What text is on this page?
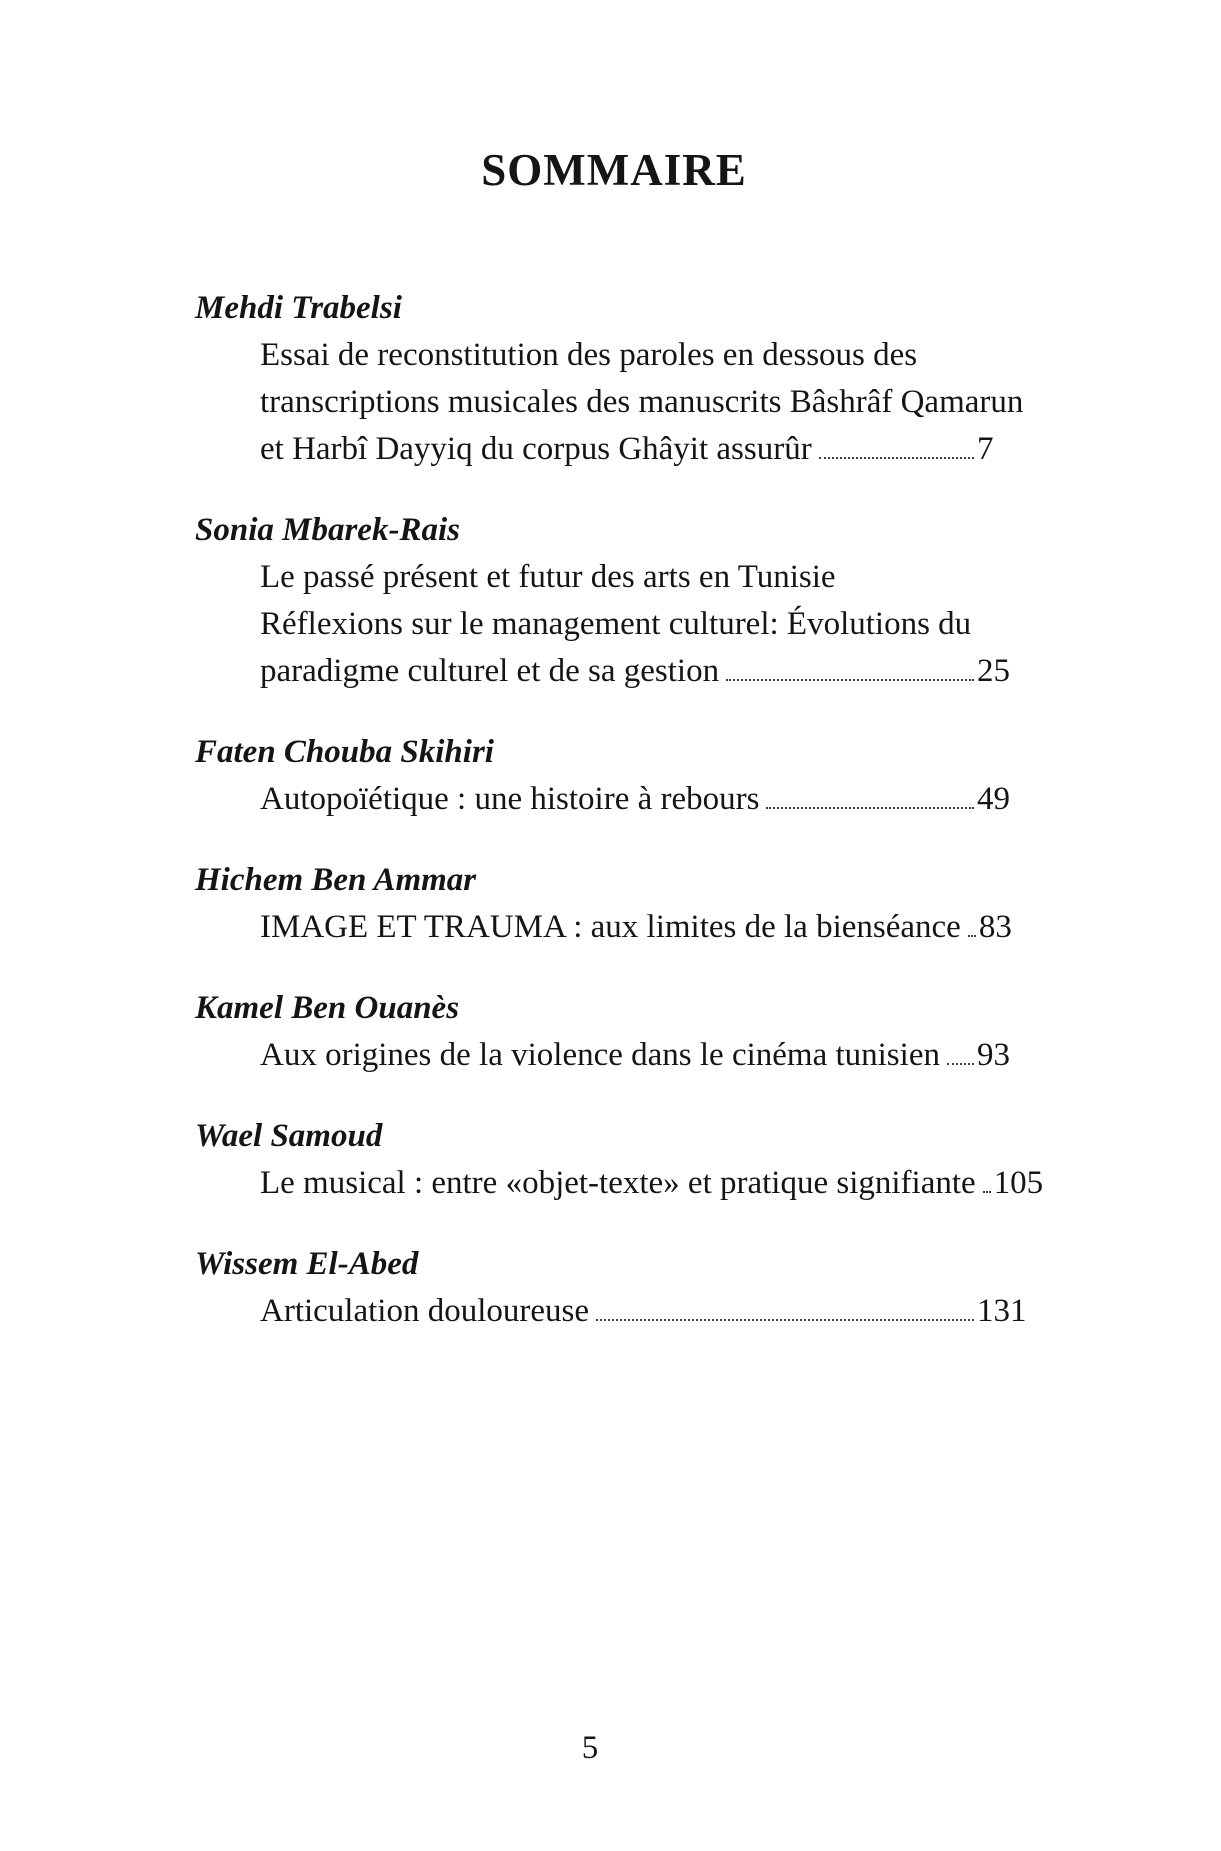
SOMMAIRE
Mehdi Trabelsi
Essai de reconstitution des paroles en dessous des
transcriptions musicales des manuscrits Bâshrâf Qamarun
et Harbî Dayyiq du corpus Ghâyit assurûr	7
Sonia Mbarek-Rais
Le passé présent et futur des arts en Tunisie
Réflexions sur le management culturel: Évolutions du
paradigme culturel et de sa gestion	25
Faten Chouba Skihiri
Autopoïétique : une histoire à rebours	49
Hichem Ben Ammar
IMAGE ET TRAUMA : aux limites de la bienséance 83
Kamel Ben Ouanès
Aux origines de la violence dans le cinéma tunisien 93
Wael Samoud
Le musical : entre «objet-texte» et pratique signifiante 105
Wissem El-Abed
Articulation douloureuse	131
5
